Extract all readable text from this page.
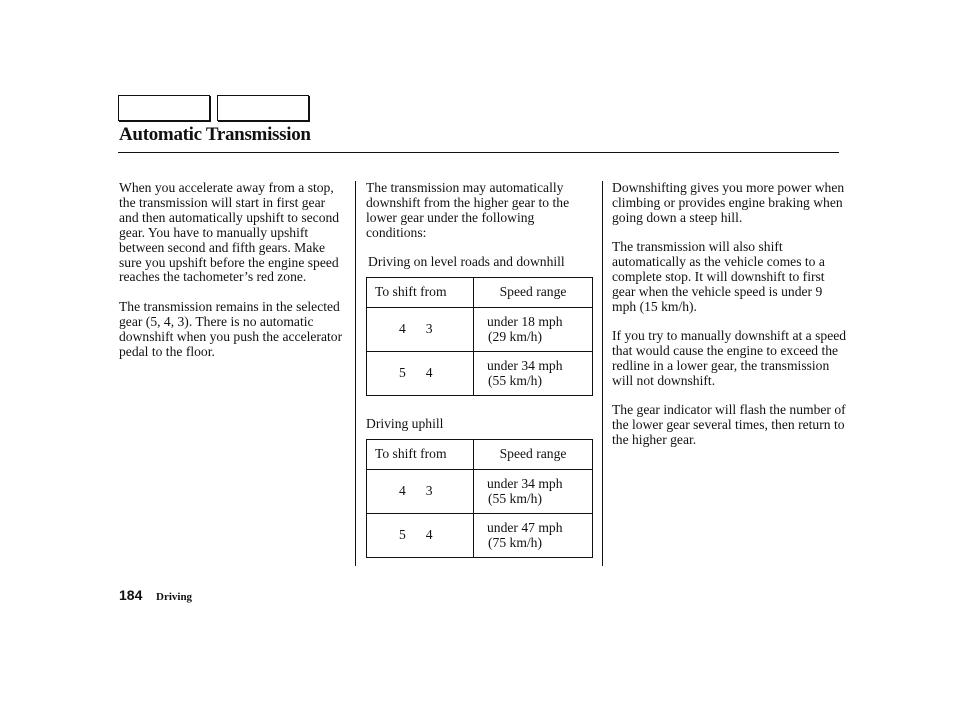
Automatic Transmission

When you accelerate away from a stop, the transmission will start in first gear and then automatically upshift to second gear. You have to manually upshift between second and fifth gears. Make sure you upshift before the engine speed reaches the tachometer’s red zone.

The transmission remains in the selected gear (5, 4, 3). There is no automatic downshift when you push the accelerator pedal to the floor.

The transmission may automatically downshift from the higher gear to the lower gear under the following conditions:

Driving on level roads and downhill

To shift from	Speed range
4 3	under 18 mph
(29 km/h)

5 4	under 34 mph
(55 km/h)

Driving uphill

To shift from	Speed range
4 3	under 34 mph
(55 km/h)

5 4	under 47 mph
(75 km/h)

Downshifting gives you more power when climbing or provides engine braking when going down a steep hill.

The transmission will also shift automatically as the vehicle comes to a complete stop. It will downshift to first gear when the vehicle speed is under 9 mph (15 km/h).

If you try to manually downshift at a speed that would cause the engine to exceed the redline in a lower gear, the transmission will not downshift.

The gear indicator will flash the number of the lower gear several times, then return to the higher gear.

184 Driving
